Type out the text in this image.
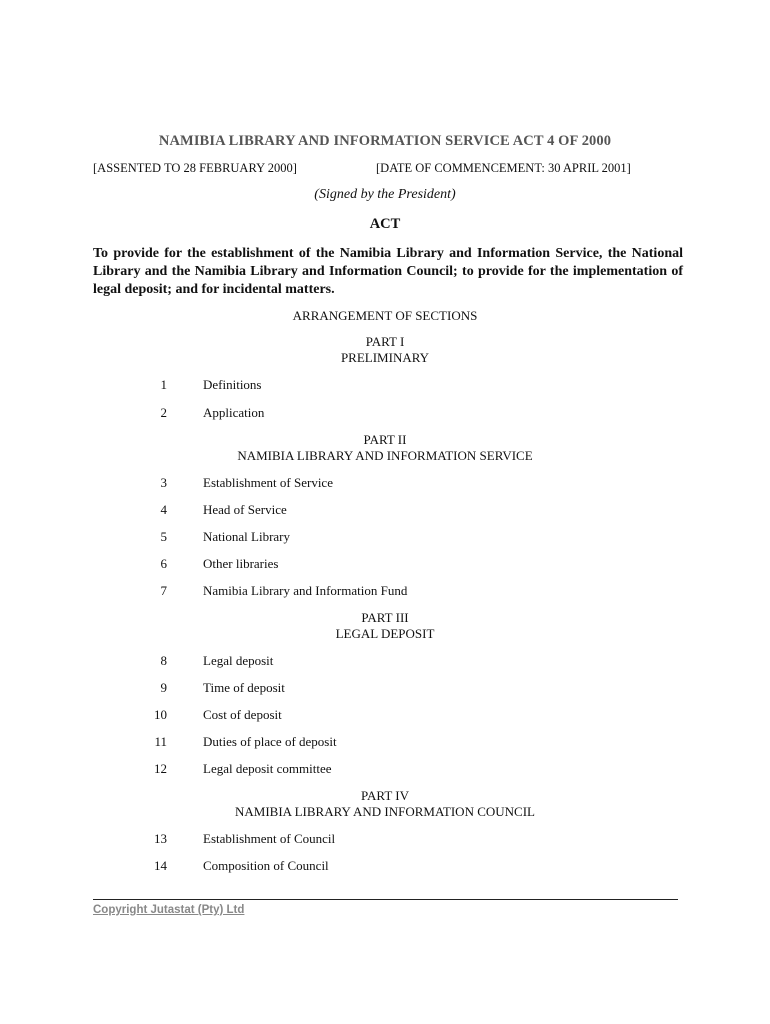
NAMIBIA LIBRARY AND INFORMATION SERVICE ACT 4 OF 2000
[ASSENTED TO 28 FEBRUARY 2000]	[DATE OF COMMENCEMENT: 30 APRIL 2001]
(Signed by the President)
ACT
To provide for the establishment of the Namibia Library and Information Service, the National Library and the Namibia Library and Information Council; to provide for the implementation of legal deposit; and for incidental matters.
ARRANGEMENT OF SECTIONS
PART I
PRELIMINARY
1	Definitions
2	Application
PART II
NAMIBIA LIBRARY AND INFORMATION SERVICE
3	Establishment of Service
4	Head of Service
5	National Library
6	Other libraries
7	Namibia Library and Information Fund
PART III
LEGAL DEPOSIT
8	Legal deposit
9	Time of deposit
10	Cost of deposit
11	Duties of place of deposit
12	Legal deposit committee
PART IV
NAMIBIA LIBRARY AND INFORMATION COUNCIL
13	Establishment of Council
14	Composition of Council
Copyright Jutastat (Pty) Ltd
